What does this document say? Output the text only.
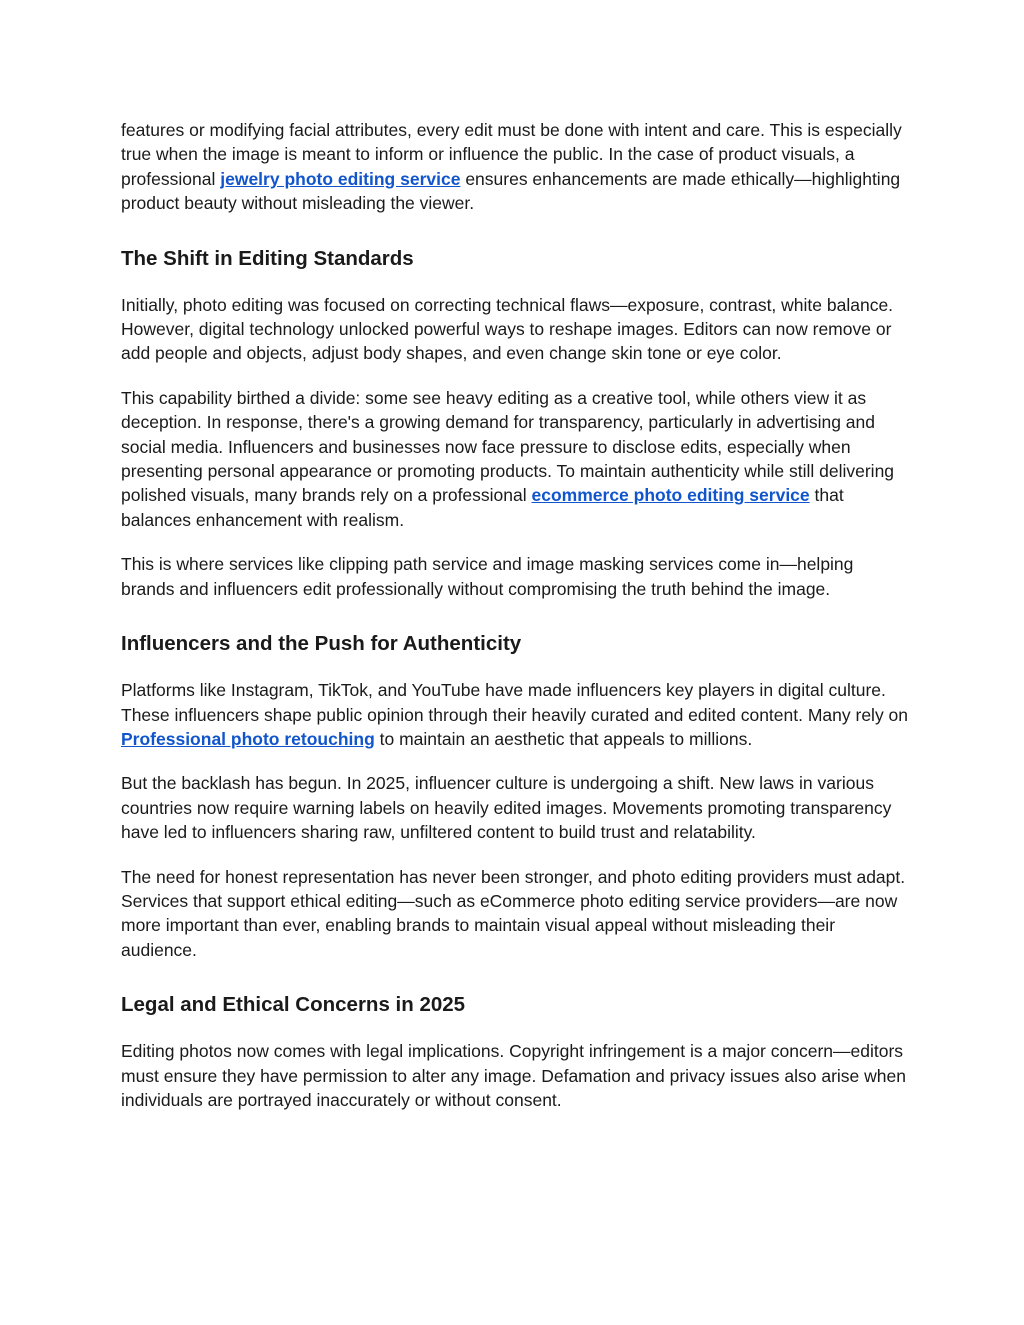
features or modifying facial attributes, every edit must be done with intent and care. This is especially true when the image is meant to inform or influence the public. In the case of product visuals, a professional jewelry photo editing service ensures enhancements are made ethically—highlighting product beauty without misleading the viewer.

The Shift in Editing Standards

Initially, photo editing was focused on correcting technical flaws—exposure, contrast, white balance. However, digital technology unlocked powerful ways to reshape images. Editors can now remove or add people and objects, adjust body shapes, and even change skin tone or eye color.

This capability birthed a divide: some see heavy editing as a creative tool, while others view it as deception. In response, there's a growing demand for transparency, particularly in advertising and social media. Influencers and businesses now face pressure to disclose edits, especially when presenting personal appearance or promoting products. To maintain authenticity while still delivering polished visuals, many brands rely on a professional ecommerce photo editing service that balances enhancement with realism.

This is where services like clipping path service and image masking services come in—helping brands and influencers edit professionally without compromising the truth behind the image.

Influencers and the Push for Authenticity

Platforms like Instagram, TikTok, and YouTube have made influencers key players in digital culture. These influencers shape public opinion through their heavily curated and edited content. Many rely on Professional photo retouching to maintain an aesthetic that appeals to millions.

But the backlash has begun. In 2025, influencer culture is undergoing a shift. New laws in various countries now require warning labels on heavily edited images. Movements promoting transparency have led to influencers sharing raw, unfiltered content to build trust and relatability.

The need for honest representation has never been stronger, and photo editing providers must adapt. Services that support ethical editing—such as eCommerce photo editing service providers—are now more important than ever, enabling brands to maintain visual appeal without misleading their audience.

Legal and Ethical Concerns in 2025

Editing photos now comes with legal implications. Copyright infringement is a major concern—editors must ensure they have permission to alter any image. Defamation and privacy issues also arise when individuals are portrayed inaccurately or without consent.
